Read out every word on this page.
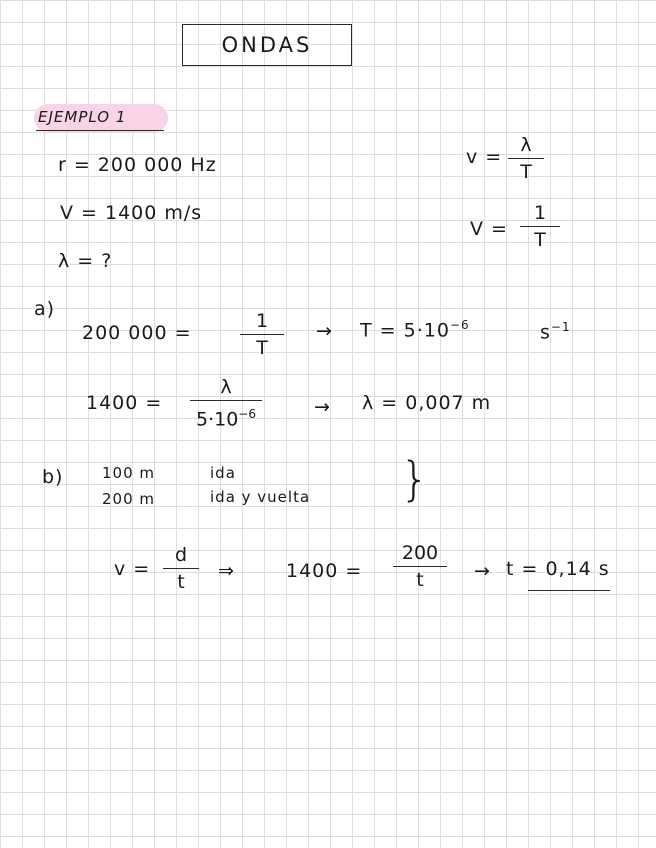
ONDAS
EJEMPLO 1
r = 200 000 Hz
V = 1400 m/s
λ = ?
v =
λ
T
V =
1
T
a)
200 000 =
1
T
→ $T = 5\cdot 10^{-6}$	$s^{-1}$
1400 =
λ
$5\cdot 10^{-6}$	→ λ = 0,007 m
b)	100 m	ida
200 m	ida y vuelta }
v =
d
t ⇒	1400 =
200
t	→ t = 0,14 s
